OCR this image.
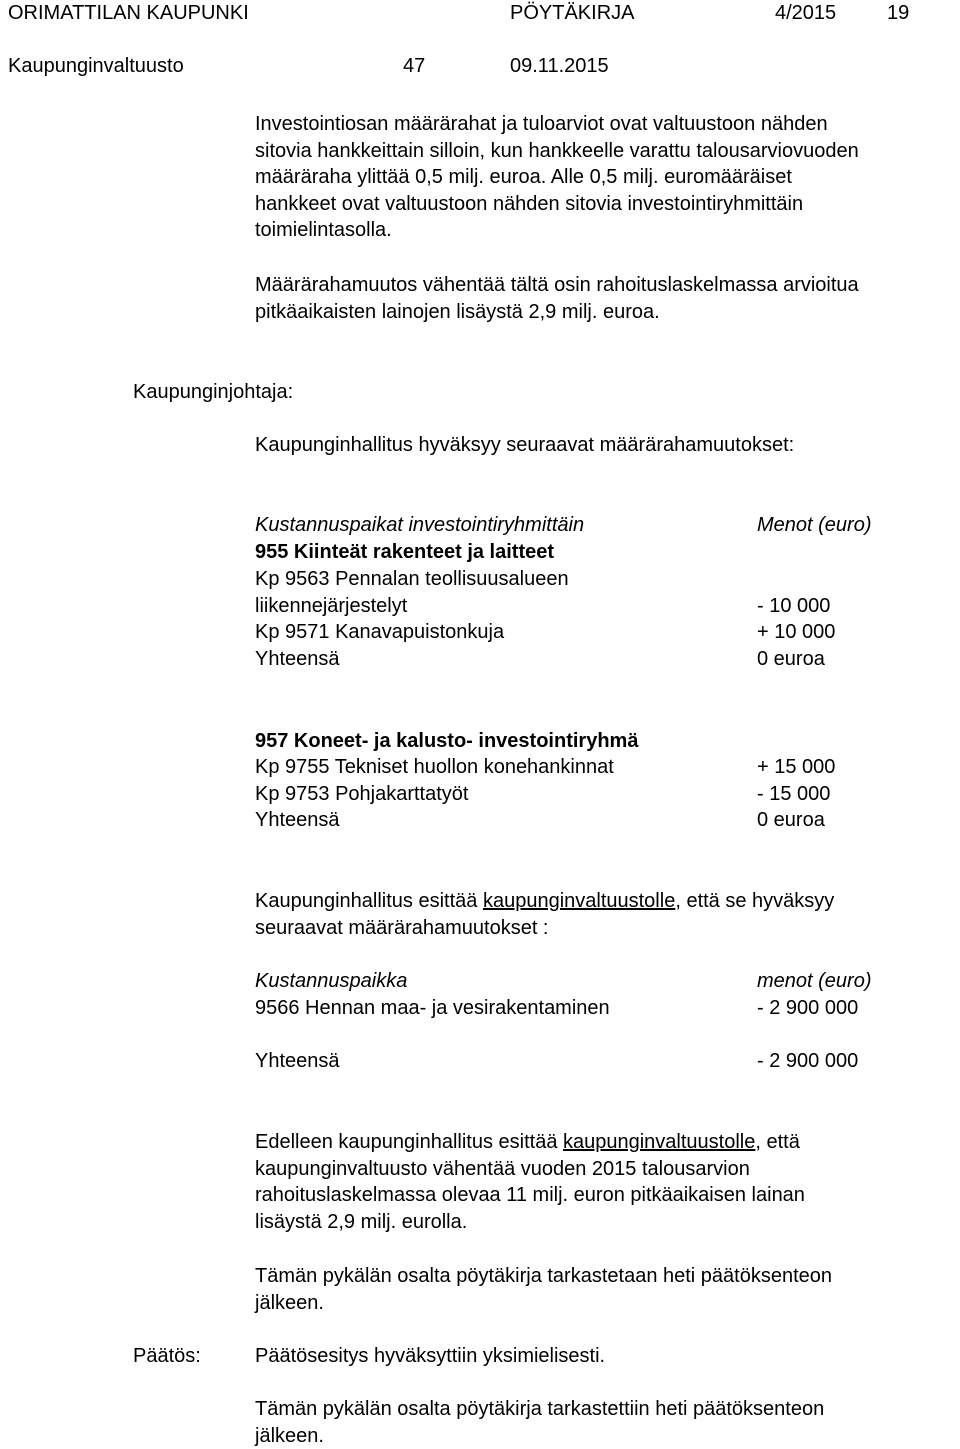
ORIMATTILAN KAUPUNKI	PÖYTÄKIRJA	4/2015	19
Kaupunginvaltuusto	47	09.11.2015
Investointiosan määrärahat ja tuloarviot ovat valtuustoon nähden
sitovia hankkeittain silloin, kun hankkeelle varattu talousarviovuoden
määräraha ylittää 0,5 milj. euroa. Alle 0,5 milj. euromääräiset
hankkeet ovat valtuustoon nähden sitovia investointiryhmittäin
toimielintasolla.
Määrärahamuutos vähentää tältä osin rahoituslaskelmassa arvioitua
pitkäaikaisten lainojen lisäystä 2,9 milj. euroa.
Kaupunginjohtaja:
Kaupunginhallitus hyväksyy seuraavat määrärahamuutokset:
Kustannuspaikat investointiryhmittäin	Menot (euro)
955 Kiinteät rakenteet ja laitteet
Kp 9563 Pennalan teollisuusalueen
liikennejärjestelyt	- 10 000
Kp 9571 Kanavapuistonkuja	+ 10 000
Yhteensä	0 euroa
957 Koneet- ja kalusto- investointiryhmä
Kp 9755 Tekniset huollon konehankinnat	+ 15 000
Kp 9753 Pohjakarttatyöt	- 15 000
Yhteensä	0 euroa
Kaupunginhallitus esittää kaupunginvaltuustolle, että se hyväksyy
seuraavat määrärahamuutokset :
Kustannuspaikka	menot (euro)
9566 Hennan maa- ja vesirakentaminen	- 2 900 000
Yhteensä	- 2 900 000
Edelleen kaupunginhallitus esittää kaupunginvaltuustolle, että
kaupunginvaltuusto vähentää vuoden 2015 talousarvion
rahoituslaskelmassa olevaa 11 milj. euron pitkäaikaisen lainan
lisäystä 2,9 milj. eurolla.
Tämän pykälän osalta pöytäkirja tarkastetaan heti päätöksenteon
jälkeen.
Päätös:	Päätösesitys hyväksyttiin yksimielisesti.
Tämän pykälän osalta pöytäkirja tarkastettiin heti päätöksenteon
jälkeen.
